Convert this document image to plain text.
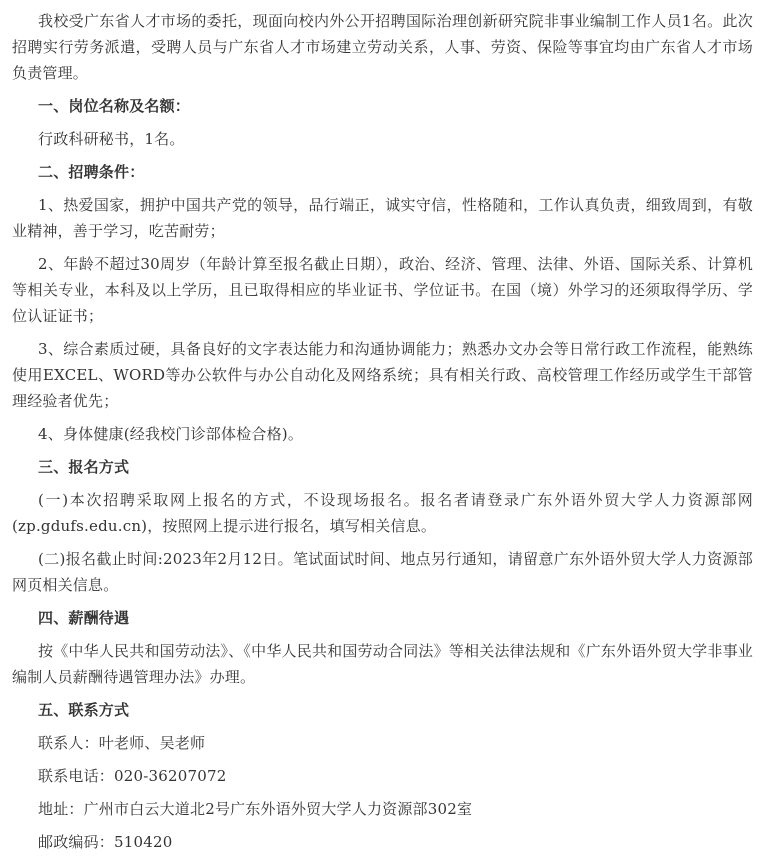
我校受广东省人才市场的委托，现面向校内外公开招聘国际治理创新研究院非事业编制工作人员1名。此次招聘实行劳务派遣，受聘人员与广东省人才市场建立劳动关系，人事、劳资、保险等事宜均由广东省人才市场负责管理。

一、岗位名称及名额：

行政科研秘书，1名。

二、招聘条件：

1、热爱国家，拥护中国共产党的领导，品行端正，诚实守信，性格随和，工作认真负责，细致周到，有敬业精神，善于学习，吃苦耐劳；

2、年龄不超过30周岁（年龄计算至报名截止日期），政治、经济、管理、法律、外语、国际关系、计算机等相关专业，本科及以上学历，且已取得相应的毕业证书、学位证书。在国（境）外学习的还须取得学历、学位认证证书；

3、综合素质过硬，具备良好的文字表达能力和沟通协调能力；熟悉办文办会等日常行政工作流程，能熟练使用EXCEL、WORD等办公软件与办公自动化及网络系统；具有相关行政、高校管理工作经历或学生干部管理经验者优先；

4、身体健康(经我校门诊部体检合格)。

三、报名方式

(一)本次招聘采取网上报名的方式，不设现场报名。报名者请登录广东外语外贸大学人力资源部网 (zp.gdufs.edu.cn)，按照网上提示进行报名，填写相关信息。

(二)报名截止时间:2023年2月12日。笔试面试时间、地点另行通知，请留意广东外语外贸大学人力资源部网页相关信息。

四、薪酬待遇

按《中华人民共和国劳动法》、《中华人民共和国劳动合同法》等相关法律法规和《广东外语外贸大学非事业编制人员薪酬待遇管理办法》办理。

五、联系方式

联系人：叶老师、吴老师

联系电话：020-36207072

地址：广州市白云大道北2号广东外语外贸大学人力资源部302室

邮政编码：510420
